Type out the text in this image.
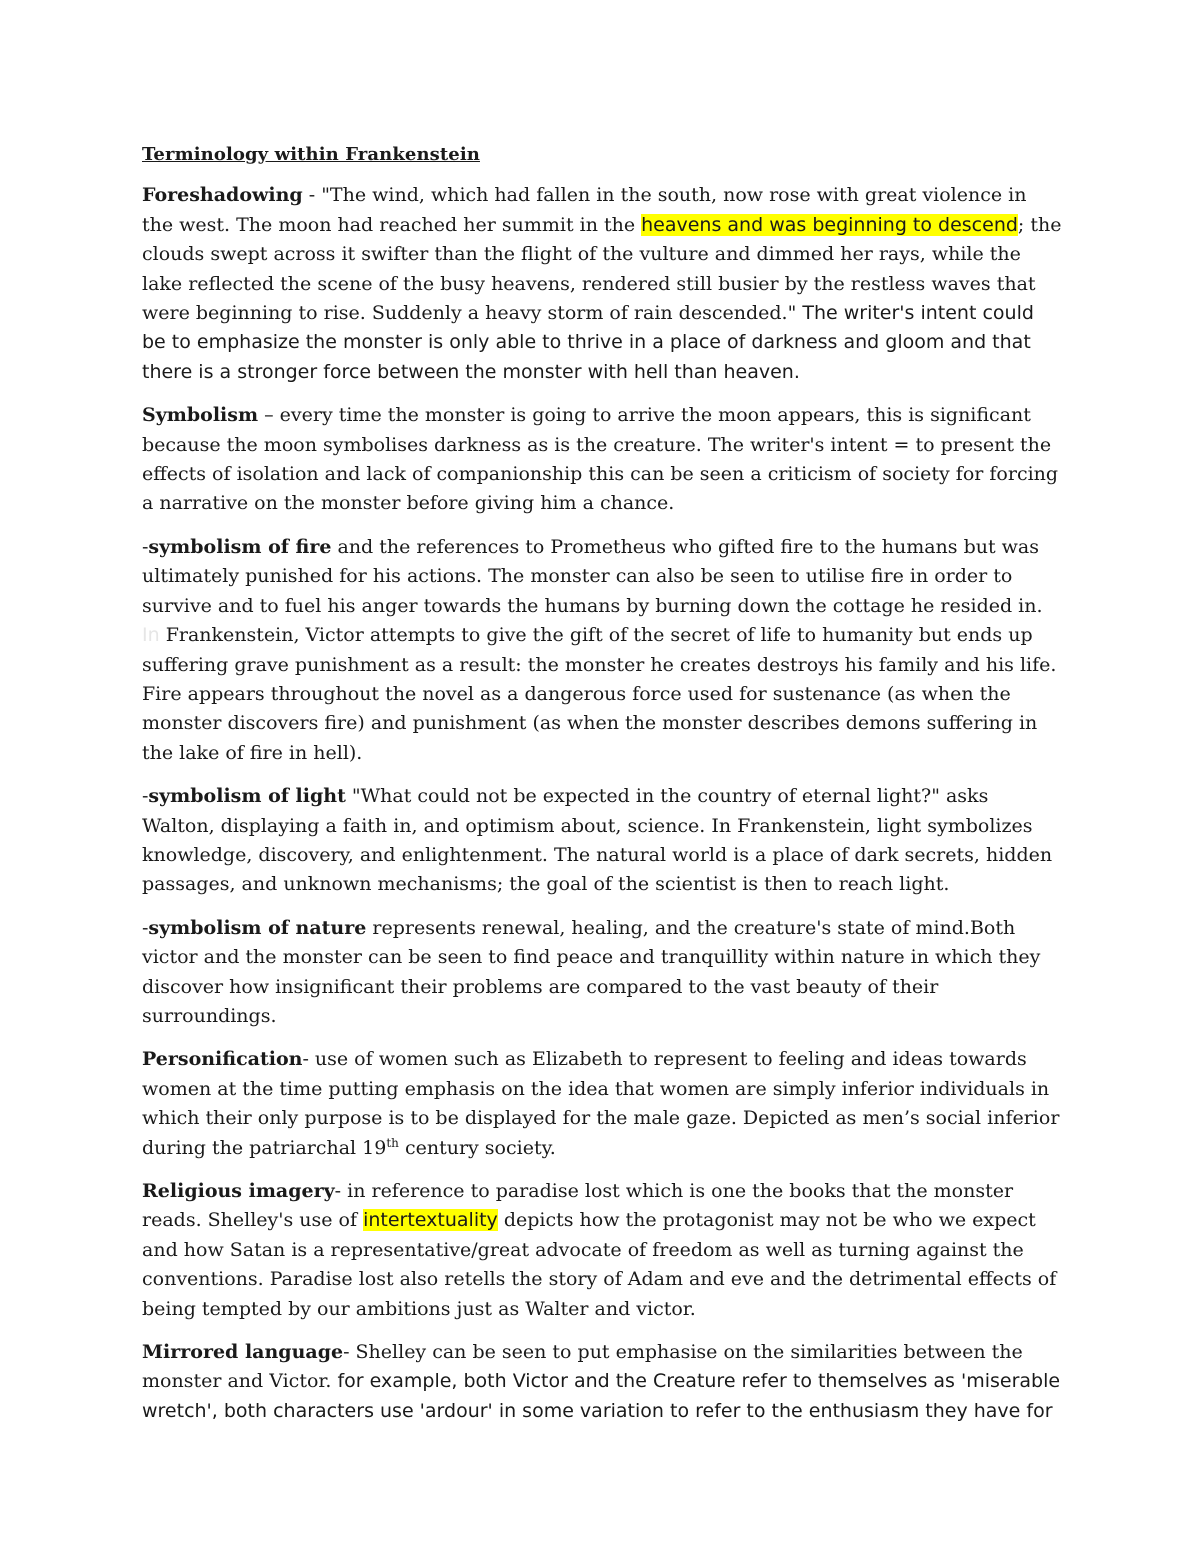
Terminology within Frankenstein

Foreshadowing - "The wind, which had fallen in the south, now rose with great violence in the west. The moon had reached her summit in the heavens and was beginning to descend; the clouds swept across it swifter than the flight of the vulture and dimmed her rays, while the lake reflected the scene of the busy heavens, rendered still busier by the restless waves that were beginning to rise. Suddenly a heavy storm of rain descended." The writer's intent could be to emphasize the monster is only able to thrive in a place of darkness and gloom and that there is a stronger force between the monster with hell than heaven.

Symbolism – every time the monster is going to arrive the moon appears, this is significant because the moon symbolises darkness as is the creature. The writer's intent = to present the effects of isolation and lack of companionship this can be seen a criticism of society for forcing a narrative on the monster before giving him a chance.

-symbolism of fire and the references to Prometheus who gifted fire to the humans but was ultimately punished for his actions. The monster can also be seen to utilise fire in order to survive and to fuel his anger towards the humans by burning down the cottage he resided in. In Frankenstein, Victor attempts to give the gift of the secret of life to humanity but ends up suffering grave punishment as a result: the monster he creates destroys his family and his life. Fire appears throughout the novel as a dangerous force used for sustenance (as when the monster discovers fire) and punishment (as when the monster describes demons suffering in the lake of fire in hell).

-symbolism of light "What could not be expected in the country of eternal light?" asks Walton, displaying a faith in, and optimism about, science. In Frankenstein, light symbolizes knowledge, discovery, and enlightenment. The natural world is a place of dark secrets, hidden passages, and unknown mechanisms; the goal of the scientist is then to reach light.

-symbolism of nature represents renewal, healing, and the creature's state of mind.Both victor and the monster can be seen to find peace and tranquillity within nature in which they discover how insignificant their problems are compared to the vast beauty of their surroundings.

Personification- use of women such as Elizabeth to represent to feeling and ideas towards women at the time putting emphasis on the idea that women are simply inferior individuals in which their only purpose is to be displayed for the male gaze. Depicted as men’s social inferior during the patriarchal 19th century society.

Religious imagery- in reference to paradise lost which is one the books that the monster reads. Shelley's use of intertextuality depicts how the protagonist may not be who we expect and how Satan is a representative/great advocate of freedom as well as turning against the conventions. Paradise lost also retells the story of Adam and eve and the detrimental effects of being tempted by our ambitions just as Walter and victor.

Mirrored language- Shelley can be seen to put emphasise on the similarities between the monster and Victor. for example, both Victor and the Creature refer to themselves as 'miserable wretch', both characters use 'ardour' in some variation to refer to the enthusiasm they have for
